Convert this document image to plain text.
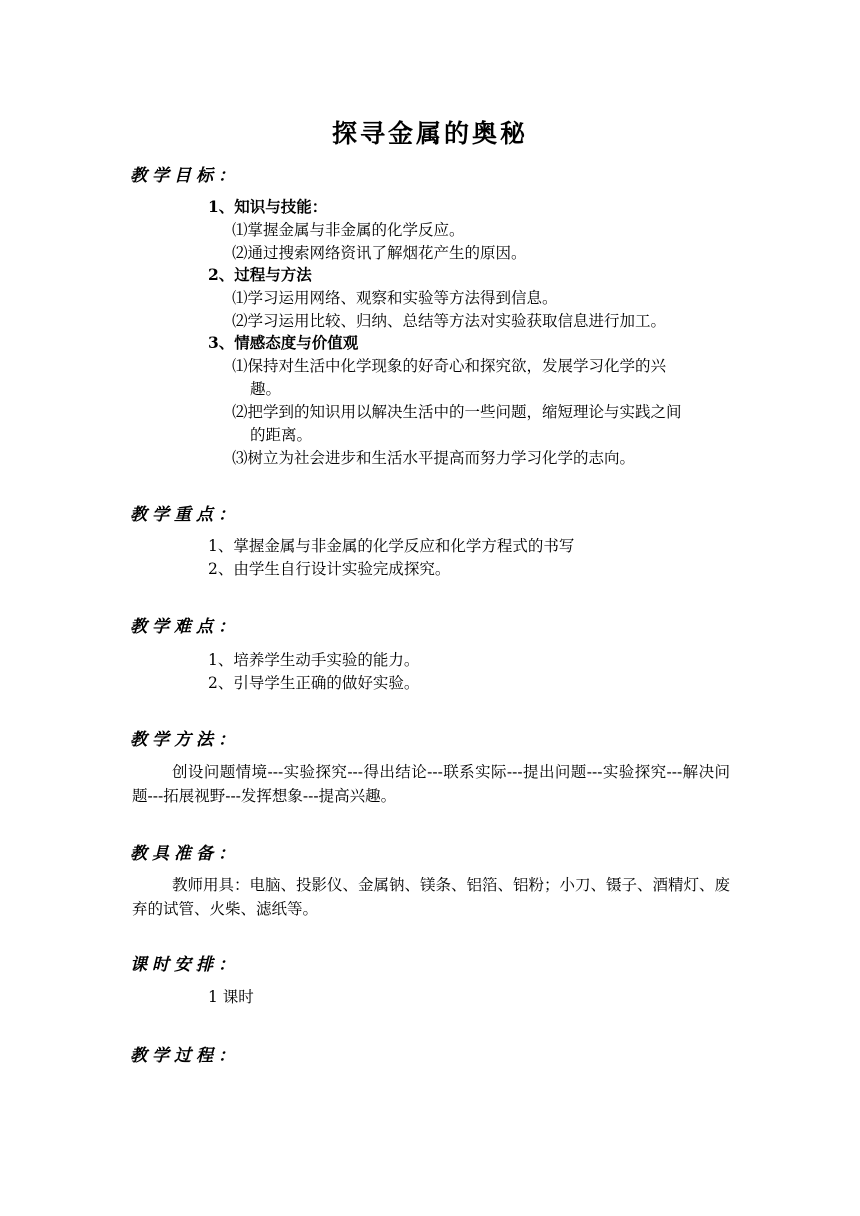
探寻金属的奥秘
教学目标：
1、知识与技能：
⑴掌握金属与非金属的化学反应。
⑵通过搜索网络资讯了解烟花产生的原因。
2、过程与方法
⑴学习运用网络、观察和实验等方法得到信息。
⑵学习运用比较、归纳、总结等方法对实验获取信息进行加工。
3、情感态度与价值观
⑴保持对生活中化学现象的好奇心和探究欲，发展学习化学的兴
趣。
⑵把学到的知识用以解决生活中的一些问题，缩短理论与实践之间
的距离。
⑶树立为社会进步和生活水平提高而努力学习化学的志向。
教学重点：
1、掌握金属与非金属的化学反应和化学方程式的书写
2、由学生自行设计实验完成探究。
教学难点：
1、培养学生动手实验的能力。
2、引导学生正确的做好实验。
教学方法：
创设问题情境---实验探究---得出结论---联系实际---提出问题---实验探究---解决问题---拓展视野---发挥想象---提高兴趣。
教具准备：
教师用具：电脑、投影仪、金属钠、镁条、铝箔、铝粉；小刀、镊子、酒精灯、废弃的试管、火柴、滤纸等。
课时安排：
1 课时
教学过程：
